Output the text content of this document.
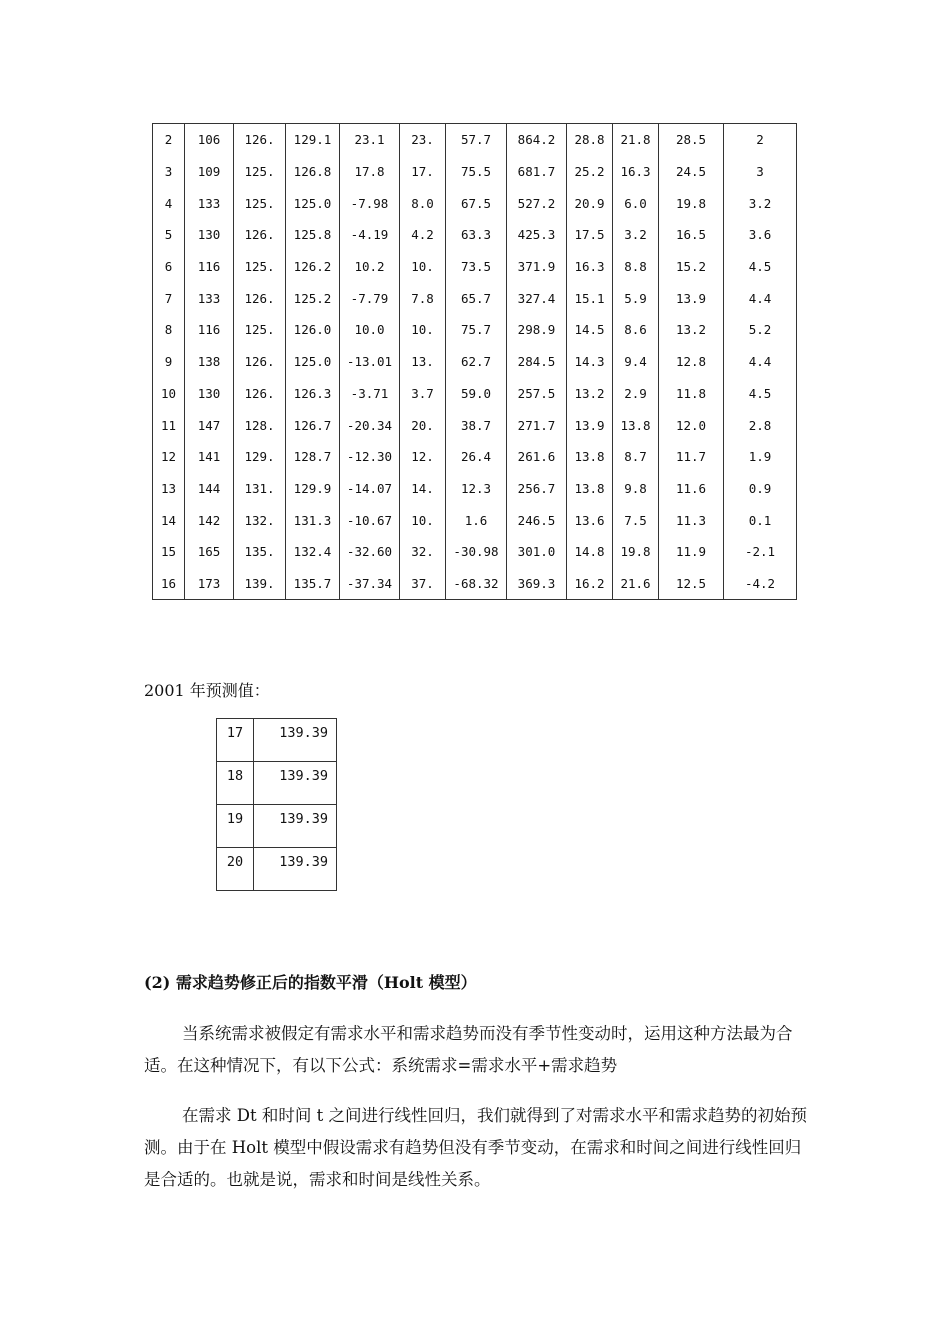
2	106	126.	129.1	23.1	23.	57.7	864.2	28.8	21.8	28.5	2
3	109	125.	126.8	17.8	17.	75.5	681.7	25.2	16.3	24.5	3
4	133	125.	125.0	-7.98	8.0	67.5	527.2	20.9	6.0	19.8	3.2
5	130	126.	125.8	-4.19	4.2	63.3	425.3	17.5	3.2	16.5	3.6
6	116	125.	126.2	10.2	10.	73.5	371.9	16.3	8.8	15.2	4.5
7	133	126.	125.2	-7.79	7.8	65.7	327.4	15.1	5.9	13.9	4.4
8	116	125.	126.0	10.0	10.	75.7	298.9	14.5	8.6	13.2	5.2
9	138	126.	125.0	-13.01	13.	62.7	284.5	14.3	9.4	12.8	4.4
10	130	126.	126.3	-3.71	3.7	59.0	257.5	13.2	2.9	11.8	4.5
11	147	128.	126.7	-20.34	20.	38.7	271.7	13.9	13.8	12.0	2.8
12	141	129.	128.7	-12.30	12.	26.4	261.6	13.8	8.7	11.7	1.9
13	144	131.	129.9	-14.07	14.	12.3	256.7	13.8	9.8	11.6	0.9
14	142	132.	131.3	-10.67	10.	1.6	246.5	13.6	7.5	11.3	0.1
15	165	135.	132.4	-32.60	32.	-30.98	301.0	14.8	19.8	11.9	-2.1
16	173	139.	135.7	-37.34	37.	-68.32	369.3	16.2	21.6	12.5	-4.2
2001 年预测值：
17	139.39
18	139.39
19	139.39
20	139.39
(2) 需求趋势修正后的指数平滑（Holt 模型）

当系统需求被假定有需求水平和需求趋势而没有季节性变动时，运用这种方法最为合适。在这种情况下，有以下公式：系统需求=需求水平+需求趋势

在需求 Dt 和时间 t 之间进行线性回归，我们就得到了对需求水平和需求趋势的初始预测。由于在 Holt 模型中假设需求有趋势但没有季节变动，在需求和时间之间进行线性回归是合适的。也就是说，需求和时间是线性关系。
